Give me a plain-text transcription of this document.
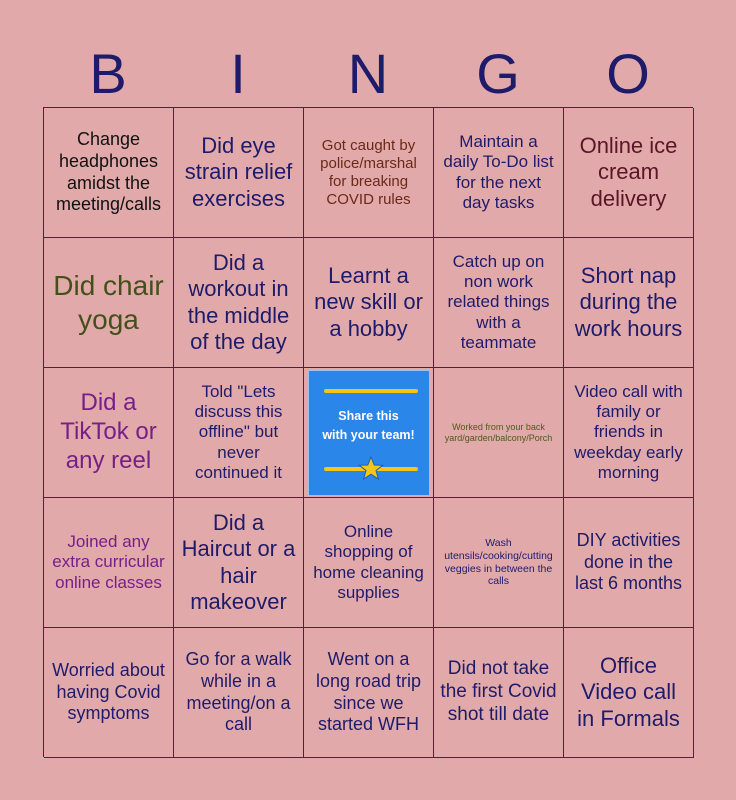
B	I	N	G	O
Change headphones amidst the meeting/calls
Did eye strain relief exercises
Got caught by police/marshal for breaking COVID rules
Maintain a daily To-Do list for the next day tasks
Online ice cream delivery
Did chair yoga
Did a workout in the middle of the day
Learnt a new skill or a hobby
Catch up on non work related things with a teammate
Short nap during the work hours
Did a TikTok or any reel
Told "Lets discuss this offline" but never continued it
Share this
with your team!
Worked from your back yard/garden/balcony/Porch
Video call with family or friends in weekday early morning
Joined any extra curricular online classes
Did a Haircut or a hair makeover
Online shopping of home cleaning supplies
Wash utensils/cooking/cutting veggies in between the calls
DIY activities done in the last 6 months
Worried about having Covid symptoms
Go for a walk while in a meeting/on a call
Went on a long road trip since we started WFH
Did not take the first Covid shot till date
Office Video call in Formals
